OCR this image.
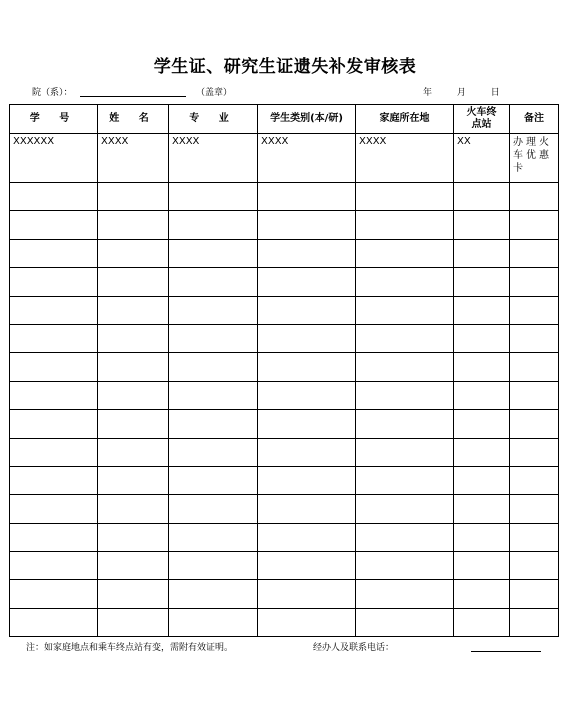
学生证、研究生证遗失补发审核表
院（系）：	（盖章）	年 月 日
学 号	姓 名	专 业	学生类别(本/研)	家庭所在地	火车终点站	备注
XXXXXX	XXXX	XXXX	XXXX	XXXX	XX	办理火车优惠卡

注：如家庭地点和乘车终点站有变，需附有效证明。	经办人及联系电话：
